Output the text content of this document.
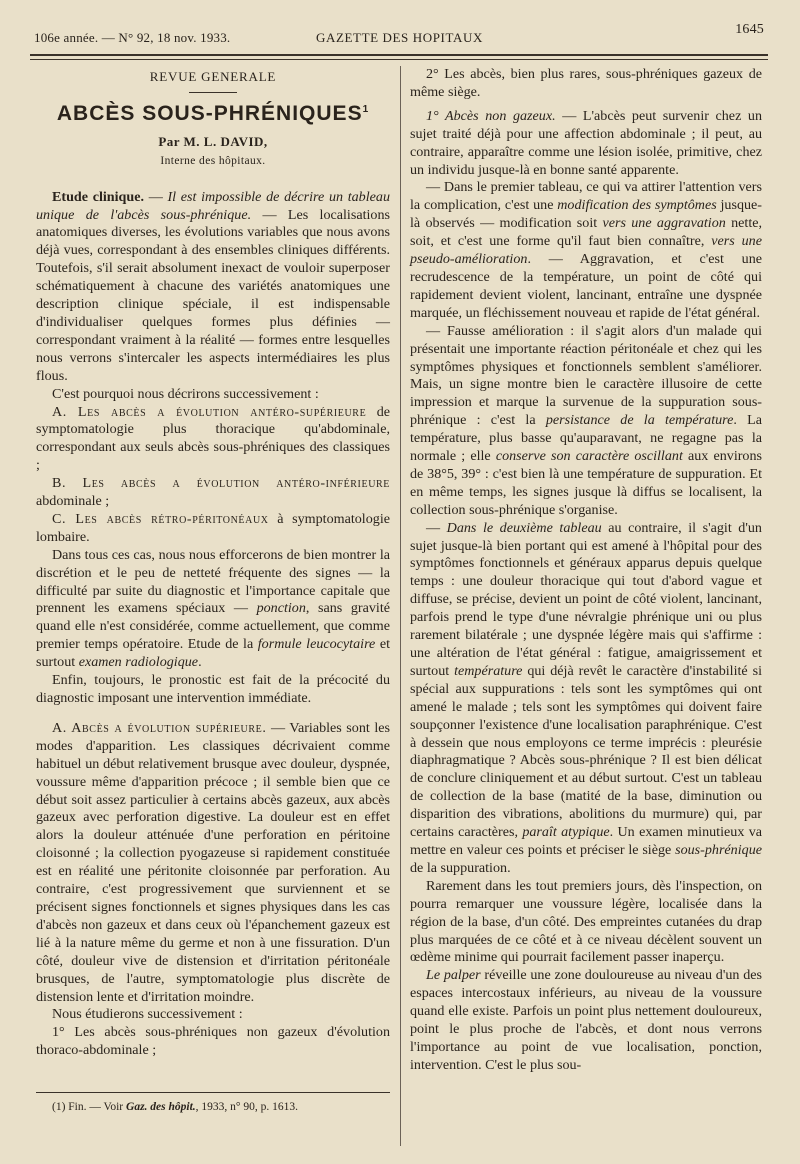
106e année. — N° 92, 18 nov. 1933.	GAZETTE DES HOPITAUX
1645
REVUE GENERALE
ABCÈS SOUS-PHRÉNIQUES$^1$
Par M. L. DAVID,
Interne des hôpitaux.

Etude clinique. — Il est impossible de décrire un tableau unique de l'abcès sous-phrénique. — Les localisations anatomiques diverses, les évolutions variables que nous avons déjà vues, correspondant à des ensembles cliniques différents. Toutefois, s'il serait absolument inexact de vouloir superposer schématiquement à chacune des variétés anatomiques une description clinique spéciale, il est indispensable d'individualiser quelques formes plus définies — correspondant vraiment à la réalité — formes entre lesquelles nous verrons s'intercaler les aspects intermédiaires les plus flous.

C'est pourquoi nous décrirons successivement :

A. Les abcès a évolution antéro-supérieure de symptomatologie plus thoracique qu'abdominale, correspondant aux seuls abcès sous-phréniques des classiques ;

B. Les abcès a évolution antéro-inférieure abdominale ;

C. Les abcès rétro-péritonéaux à symptomatologie lombaire.

Dans tous ces cas, nous nous efforcerons de bien montrer la discrétion et le peu de netteté fréquente des signes — la difficulté par suite du diagnostic et l'importance capitale que prennent les examens spéciaux — ponction, sans gravité quand elle n'est considérée, comme actuellement, que comme premier temps opératoire. Etude de la formule leucocytaire et surtout examen radiologique.

Enfin, toujours, le pronostic est fait de la précocité du diagnostic imposant une intervention immédiate.

A. Abcès a évolution supérieure. — Variables sont les modes d'apparition. Les classiques décrivaient comme habituel un début relativement brusque avec douleur, dyspnée, voussure même d'apparition précoce ; il semble bien que ce début soit assez particulier à certains abcès gazeux, aux abcès gazeux avec perforation digestive. La douleur est en effet alors la douleur atténuée d'une perforation en péritoine cloisonné ; la collection pyogazeuse si rapidement constituée est en réalité une péritonite cloisonnée par perforation. Au contraire, c'est progressivement que surviennent et se précisent signes fonctionnels et signes physiques dans les cas d'abcès non gazeux et dans ceux où l'épanchement gazeux est lié à la nature même du germe et non à une fissuration. D'un côté, douleur vive de distension et d'irritation péritonéale brusques, de l'autre, symptomatologie plus discrète de distension lente et d'irritation moindre.

Nous étudierons successivement :

1° Les abcès sous-phréniques non gazeux d'évolution thoraco-abdominale ;

(1) Fin. — Voir Gaz. des hôpit., 1933, n° 90, p. 1613.

2° Les abcès, bien plus rares, sous-phréniques gazeux de même siège.

1° Abcès non gazeux. — L'abcès peut survenir chez un sujet traité déjà pour une affection abdominale ; il peut, au contraire, apparaître comme une lésion isolée, primitive, chez un individu jusque-là en bonne santé apparente.

— Dans le premier tableau, ce qui va attirer l'attention vers la complication, c'est une modification des symptômes jusque-là observés — modification soit vers une aggravation nette, soit, et c'est une forme qu'il faut bien connaître, vers une pseudo-amélioration. — Aggravation, et c'est une recrudescence de la température, un point de côté qui rapidement devient violent, lancinant, entraîne une dyspnée marquée, un fléchissement nouveau et rapide de l'état général.

— Fausse amélioration : il s'agit alors d'un malade qui présentait une importante réaction péritonéale et chez qui les symptômes physiques et fonctionnels semblent s'améliorer. Mais, un signe montre bien le caractère illusoire de cette impression et marque la survenue de la suppuration sous-phrénique : c'est la persistance de la température. La température, plus basse qu'auparavant, ne regagne pas la normale ; elle conserve son caractère oscillant aux environs de 38°5, 39° : c'est bien là une température de suppuration. Et en même temps, les signes jusque là diffus se localisent, la collection sous-phrénique s'organise.

— Dans le deuxième tableau au contraire, il s'agit d'un sujet jusque-là bien portant qui est amené à l'hôpital pour des symptômes fonctionnels et généraux apparus depuis quelque temps : une douleur thoracique qui tout d'abord vague et diffuse, se précise, devient un point de côté violent, lancinant, parfois prend le type d'une névralgie phrénique uni ou plus rarement bilatérale ; une dyspnée légère mais qui s'affirme : une altération de l'état général : fatigue, amaigrissement et surtout température qui déjà revêt le caractère d'instabilité si spécial aux suppurations : tels sont les symptômes qui ont amené le malade ; tels sont les symptômes qui doivent faire soupçonner l'existence d'une localisation paraphrénique. C'est à dessein que nous employons ce terme imprécis : pleurésie diaphragmatique ? Abcès sous-phrénique ? Il est bien délicat de conclure cliniquement et au début surtout. C'est un tableau de collection de la base (matité de la base, diminution ou disparition des vibrations, abolitions du murmure) qui, par certains caractères, paraît atypique. Un examen minutieux va mettre en valeur ces points et préciser le siège sous-phrénique de la suppuration.

Rarement dans les tout premiers jours, dès l'inspection, on pourra remarquer une voussure légère, localisée dans la région de la base, d'un côté. Des empreintes cutanées du drap plus marquées de ce côté et à ce niveau décèlent souvent un œdème minime qui pourrait facilement passer inaperçu.

Le palper réveille une zone douloureuse au niveau d'un des espaces intercostaux inférieurs, au niveau de la voussure quand elle existe. Parfois un point plus nettement douloureux, point le plus proche de l'abcès, et dont nous verrons l'importance au point de vue localisation, ponction, intervention. C'est le plus sou-
